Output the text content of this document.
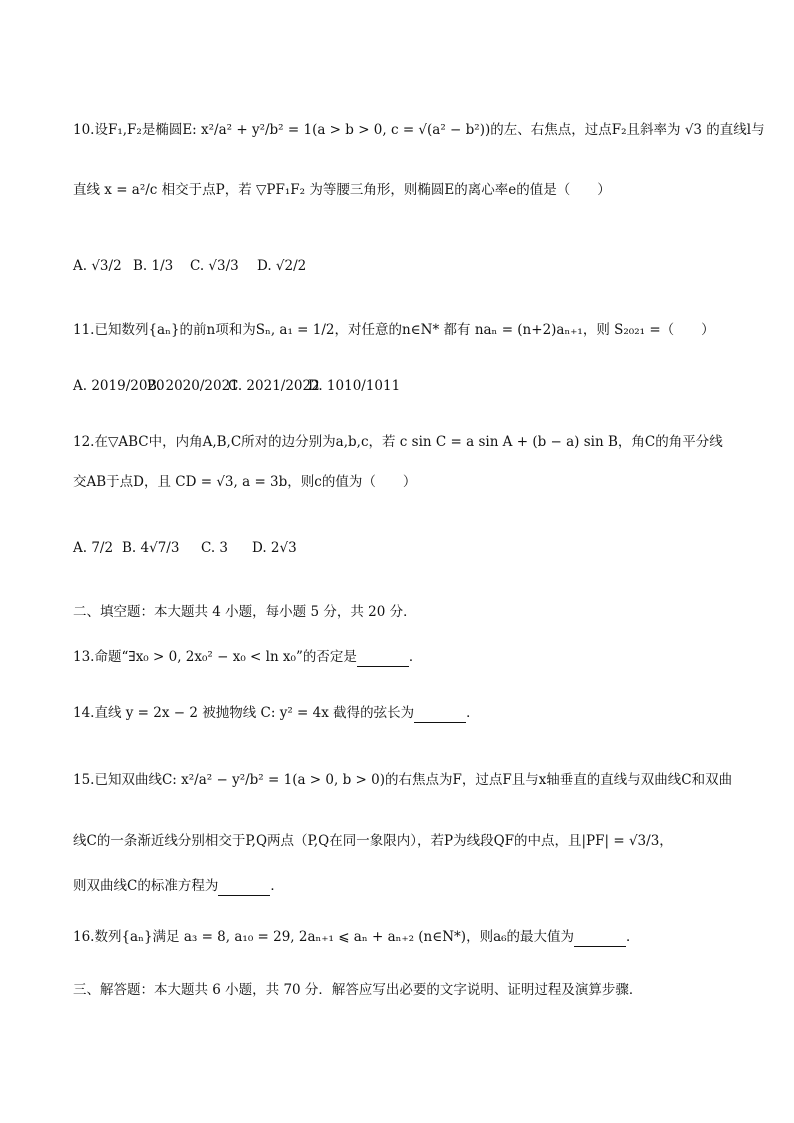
10.设F₁,F₂是椭圆E: x²/a² + y²/b² = 1(a > b > 0, c = √(a² − b²))的左、右焦点，过点F₂且斜率为 √3 的直线l与
直线 x = a²/c 相交于点P，若 ▽PF₁F₂ 为等腰三角形，则椭圆E的离心率e的值是（　　）
A. √3/2 B. 1/3 C. √3/3 D. √2/2
11.已知数列{aₙ}的前n项和为Sₙ, a₁ = 1/2，对任意的n∈N* 都有 naₙ = (n+2)aₙ₊₁，则 S₂₀₂₁ =（　　）
A. 2019/2020
B. 2020/2021
C. 2021/2022
D. 1010/1011
12.在▽ABC中，内角A,B,C所对的边分别为a,b,c，若 c sin C = a sin A + (b − a) sin B，角C的角平分线
交AB于点D，且 CD = √3, a = 3b，则c的值为（　　）
A. 7/2 B. 4√7/3 C. 3 D. 2√3
二、填空题：本大题共 4 小题，每小题 5 分，共 20 分．
13.命题“∃x₀ > 0, 2x₀² − x₀ < ln x₀”的否定是	．
14.直线 y = 2x − 2 被抛物线 C: y² = 4x 截得的弦长为	．
15.已知双曲线C: x²/a² − y²/b² = 1(a > 0, b > 0)的右焦点为F，过点F且与x轴垂直的直线与双曲线C和双曲
线C的一条渐近线分别相交于P,Q两点（P,Q在同一象限内），若P为线段QF的中点，且|PF| = √3/3，
则双曲线C的标准方程为	．
16.数列{aₙ}满足 a₃ = 8, a₁₀ = 29, 2aₙ₊₁ ⩽ aₙ + aₙ₊₂ (n∈N*)，则a₆的最大值为	．
三、解答题：本大题共 6 小题，共 70 分．解答应写出必要的文字说明、证明过程及演算步骤．
